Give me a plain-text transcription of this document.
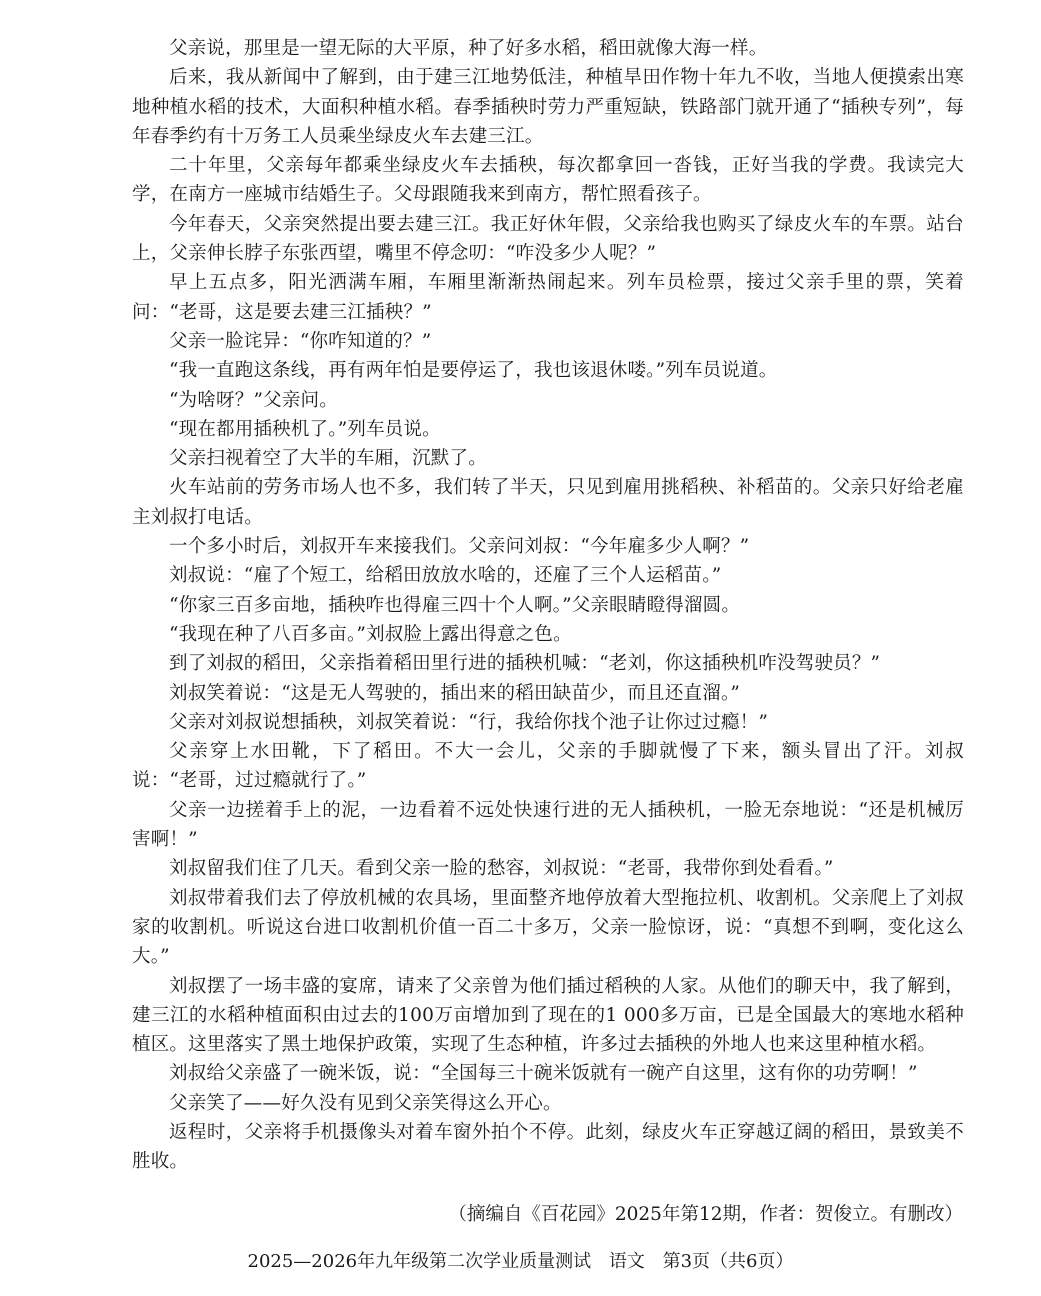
父亲说，那里是一望无际的大平原，种了好多水稻，稻田就像大海一样。

后来，我从新闻中了解到，由于建三江地势低洼，种植旱田作物十年九不收，当地人便摸索出寒地种植水稻的技术，大面积种植水稻。春季插秧时劳力严重短缺，铁路部门就开通了“插秧专列”，每年春季约有十万务工人员乘坐绿皮火车去建三江。

二十年里，父亲每年都乘坐绿皮火车去插秧，每次都拿回一沓钱，正好当我的学费。我读完大学，在南方一座城市结婚生子。父母跟随我来到南方，帮忙照看孩子。

今年春天，父亲突然提出要去建三江。我正好休年假，父亲给我也购买了绿皮火车的车票。站台上，父亲伸长脖子东张西望，嘴里不停念叨：“咋没多少人呢？”

早上五点多，阳光洒满车厢，车厢里渐渐热闹起来。列车员检票，接过父亲手里的票，笑着问：“老哥，这是要去建三江插秧？”

父亲一脸诧异：“你咋知道的？”

“我一直跑这条线，再有两年怕是要停运了，我也该退休喽。”列车员说道。

“为啥呀？”父亲问。

“现在都用插秧机了。”列车员说。

父亲扫视着空了大半的车厢，沉默了。

火车站前的劳务市场人也不多，我们转了半天，只见到雇用挑稻秧、补稻苗的。父亲只好给老雇主刘叔打电话。

一个多小时后，刘叔开车来接我们。父亲问刘叔：“今年雇多少人啊？”

刘叔说：“雇了个短工，给稻田放放水啥的，还雇了三个人运稻苗。”

“你家三百多亩地，插秧咋也得雇三四十个人啊。”父亲眼睛瞪得溜圆。

“我现在种了八百多亩。”刘叔脸上露出得意之色。

到了刘叔的稻田，父亲指着稻田里行进的插秧机喊：“老刘，你这插秧机咋没驾驶员？”

刘叔笑着说：“这是无人驾驶的，插出来的稻田缺苗少，而且还直溜。”

父亲对刘叔说想插秧，刘叔笑着说：“行，我给你找个池子让你过过瘾！”

父亲穿上水田靴，下了稻田。不大一会儿，父亲的手脚就慢了下来，额头冒出了汗。刘叔说：“老哥，过过瘾就行了。”

父亲一边搓着手上的泥，一边看着不远处快速行进的无人插秧机，一脸无奈地说：“还是机械厉害啊！”

刘叔留我们住了几天。看到父亲一脸的愁容，刘叔说：“老哥，我带你到处看看。”

刘叔带着我们去了停放机械的农具场，里面整齐地停放着大型拖拉机、收割机。父亲爬上了刘叔家的收割机。听说这台进口收割机价值一百二十多万，父亲一脸惊讶，说：“真想不到啊，变化这么大。”

刘叔摆了一场丰盛的宴席，请来了父亲曾为他们插过稻秧的人家。从他们的聊天中，我了解到，建三江的水稻种植面积由过去的100万亩增加到了现在的1 000多万亩，已是全国最大的寒地水稻种植区。这里落实了黑土地保护政策，实现了生态种植，许多过去插秧的外地人也来这里种植水稻。

刘叔给父亲盛了一碗米饭，说：“全国每三十碗米饭就有一碗产自这里，这有你的功劳啊！”

父亲笑了——好久没有见到父亲笑得这么开心。

返程时，父亲将手机摄像头对着车窗外拍个不停。此刻，绿皮火车正穿越辽阔的稻田，景致美不胜收。

（摘编自《百花园》2025年第12期，作者：贺俊立。有删改）
2025—2026年九年级第二次学业质量测试 语文 第3页（共6页）
